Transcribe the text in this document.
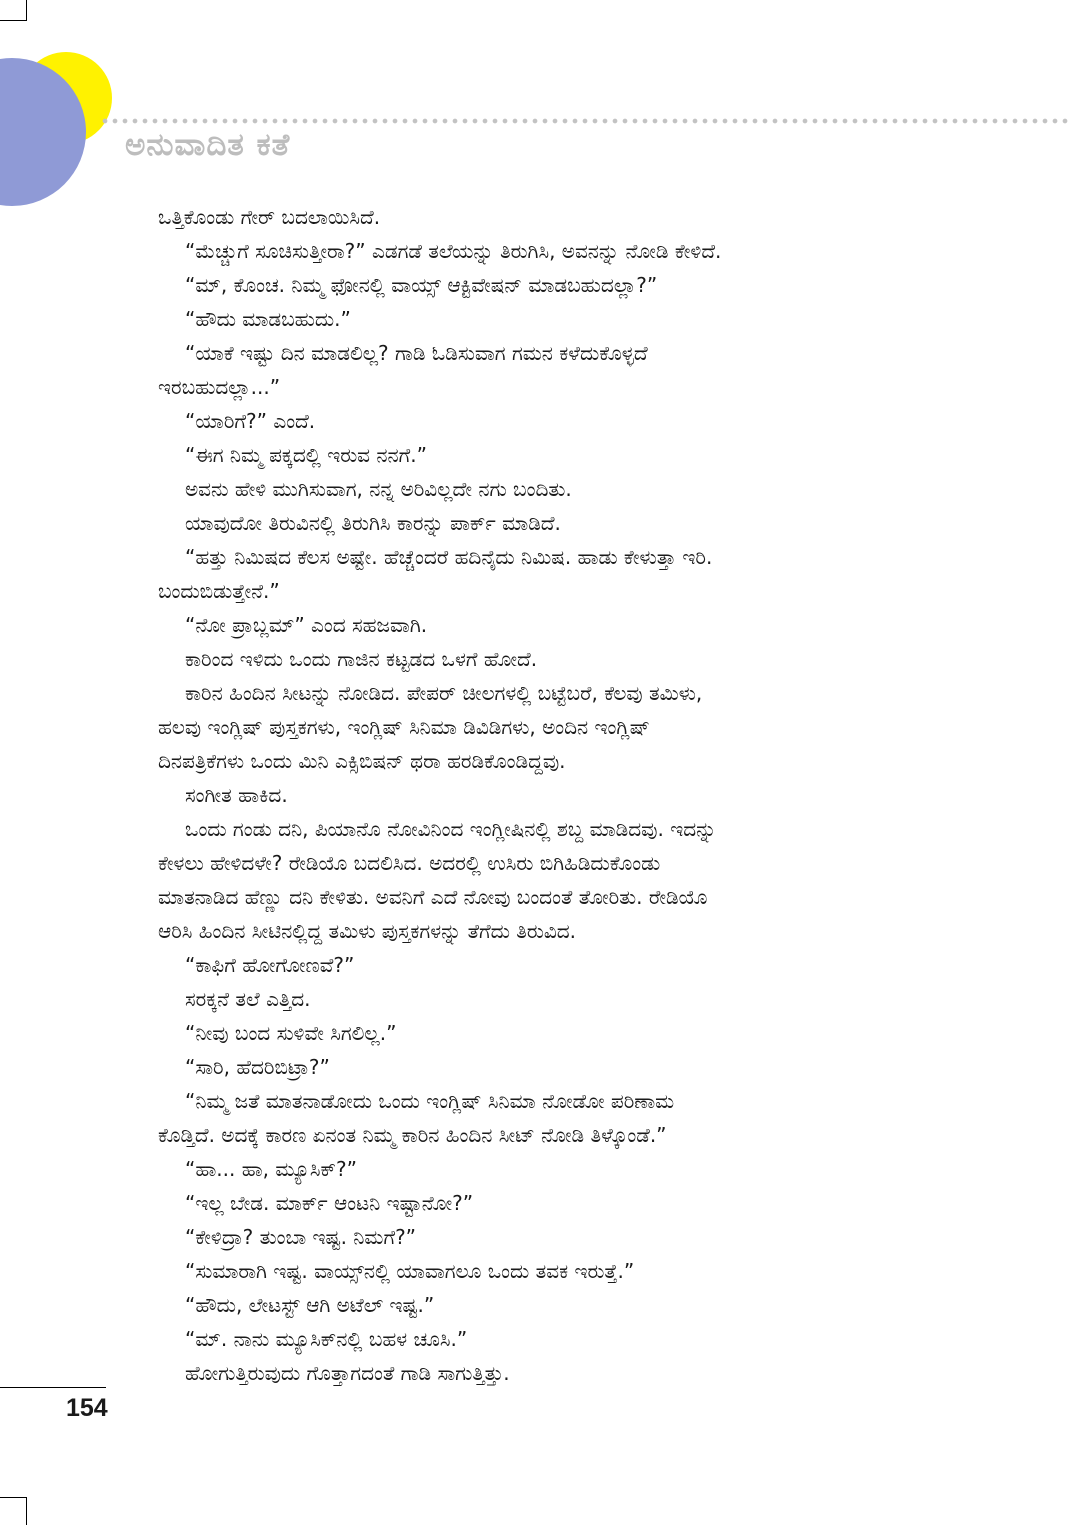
ಅನುವಾದಿತ ಕತೆ

ಒತ್ತಿಕೊಂಡು ಗೇರ್ ಬದಲಾಯಿಸಿದೆ.

“ಮೆಚ್ಚುಗೆ ಸೂಚಿಸುತ್ತೀರಾ?” ಎಡಗಡೆ ತಲೆಯನ್ನು ತಿರುಗಿಸಿ, ಅವನನ್ನು ನೋಡಿ ಕೇಳಿದೆ.

“ಮ್, ಕೊಂಚ. ನಿಮ್ಮ ಫೋನಲ್ಲಿ ವಾಯ್ಸ್ ಆಕ್ಟಿವೇಷನ್ ಮಾಡಬಹುದಲ್ಲಾ?”

“ಹೌದು ಮಾಡಬಹುದು.”

“ಯಾಕೆ ಇಷ್ಟು ದಿನ ಮಾಡಲಿಲ್ಲ? ಗಾಡಿ ಓಡಿಸುವಾಗ ಗಮನ ಕಳೆದುಕೊಳ್ಳದೆ

ಇರಬಹುದಲ್ಲಾ...”

“ಯಾರಿಗೆ?” ಎಂದೆ.

“ಈಗ ನಿಮ್ಮ ಪಕ್ಕದಲ್ಲಿ ಇರುವ ನನಗೆ.”

ಅವನು ಹೇಳಿ ಮುಗಿಸುವಾಗ, ನನ್ನ ಅರಿವಿಲ್ಲದೇ ನಗು ಬಂದಿತು.

ಯಾವುದೋ ತಿರುವಿನಲ್ಲಿ ತಿರುಗಿಸಿ ಕಾರನ್ನು ಪಾರ್ಕ್ ಮಾಡಿದೆ.

“ಹತ್ತು ನಿಮಿಷದ ಕೆಲಸ ಅಷ್ಟೇ. ಹೆಚ್ಚೆಂದರೆ ಹದಿನೈದು ನಿಮಿಷ. ಹಾಡು ಕೇಳುತ್ತಾ ಇರಿ.

ಬಂದುಬಿಡುತ್ತೇನೆ.”

“ನೋ ಪ್ರಾಬ್ಲಮ್” ಎಂದ ಸಹಜವಾಗಿ.

ಕಾರಿಂದ ಇಳಿದು ಒಂದು ಗಾಜಿನ ಕಟ್ಟಡದ ಒಳಗೆ ಹೋದೆ.

ಕಾರಿನ ಹಿಂದಿನ ಸೀಟನ್ನು ನೋಡಿದ. ಪೇಪರ್ ಚೀಲಗಳಲ್ಲಿ ಬಟ್ಟೆಬರೆ, ಕೆಲವು ತಮಿಳು,

ಹಲವು ಇಂಗ್ಲಿಷ್ ಪುಸ್ತಕಗಳು, ಇಂಗ್ಲಿಷ್ ಸಿನಿಮಾ ಡಿವಿಡಿಗಳು, ಅಂದಿನ ಇಂಗ್ಲಿಷ್

ದಿನಪತ್ರಿಕೆಗಳು ಒಂದು ಮಿನಿ ಎಕ್ಸಿಬಿಷನ್ ಥರಾ ಹರಡಿಕೊಂಡಿದ್ದವು.

ಸಂಗೀತ ಹಾಕಿದ.

ಒಂದು ಗಂಡು ದನಿ, ಪಿಯಾನೊ ನೋವಿನಿಂದ ಇಂಗ್ಲೀಷಿನಲ್ಲಿ ಶಬ್ದ ಮಾಡಿದವು. ಇದನ್ನು

ಕೇಳಲು ಹೇಳಿದಳೇ? ರೇಡಿಯೊ ಬದಲಿಸಿದ. ಅದರಲ್ಲಿ ಉಸಿರು ಬಿಗಿಹಿಡಿದುಕೊಂಡು

ಮಾತನಾಡಿದ ಹೆಣ್ಣು ದನಿ ಕೇಳಿತು. ಅವನಿಗೆ ಎದೆ ನೋವು ಬಂದಂತೆ ತೋರಿತು. ರೇಡಿಯೊ

ಆರಿಸಿ ಹಿಂದಿನ ಸೀಟಿನಲ್ಲಿದ್ದ ತಮಿಳು ಪುಸ್ತಕಗಳನ್ನು ತೆಗೆದು ತಿರುವಿದ.

“ಕಾಫಿಗೆ ಹೋಗೋಣವೆ?”

ಸರಕ್ಕನೆ ತಲೆ ಎತ್ತಿದ.

“ನೀವು ಬಂದ ಸುಳಿವೇ ಸಿಗಲಿಲ್ಲ.”

“ಸಾರಿ, ಹೆದರಿಬಿಟ್ರಾ?”

“ನಿಮ್ಮ ಜತೆ ಮಾತನಾಡೋದು ಒಂದು ಇಂಗ್ಲಿಷ್ ಸಿನಿಮಾ ನೋಡೋ ಪರಿಣಾಮ

ಕೊಡ್ತಿದೆ. ಅದಕ್ಕೆ ಕಾರಣ ಏನಂತ ನಿಮ್ಮ ಕಾರಿನ ಹಿಂದಿನ ಸೀಟ್ ನೋಡಿ ತಿಳ್ಕೊಂಡೆ.”

“ಹಾ... ಹಾ, ಮ್ಯೂಸಿಕ್?”

“ಇಲ್ಲ ಬೇಡ. ಮಾರ್ಕ್ ಆಂಟನಿ ಇಷ್ಟಾನೋ?”

“ಕೇಳಿದ್ರಾ? ತುಂಬಾ ಇಷ್ಟ. ನಿಮಗೆ?”

“ಸುಮಾರಾಗಿ ಇಷ್ಟ. ವಾಯ್ಸ್‌ನಲ್ಲಿ ಯಾವಾಗಲೂ ಒಂದು ತವಕ ಇರುತ್ತೆ.”

“ಹೌದು, ಲೇಟಸ್ಟ್ ಆಗಿ ಅಟೆಲ್ ಇಷ್ಟ.”

“ಮ್. ನಾನು ಮ್ಯೂಸಿಕ್‌ನಲ್ಲಿ ಬಹಳ ಚೂಸಿ.”

ಹೋಗುತ್ತಿರುವುದು ಗೊತ್ತಾಗದಂತೆ ಗಾಡಿ ಸಾಗುತ್ತಿತ್ತು.

154
